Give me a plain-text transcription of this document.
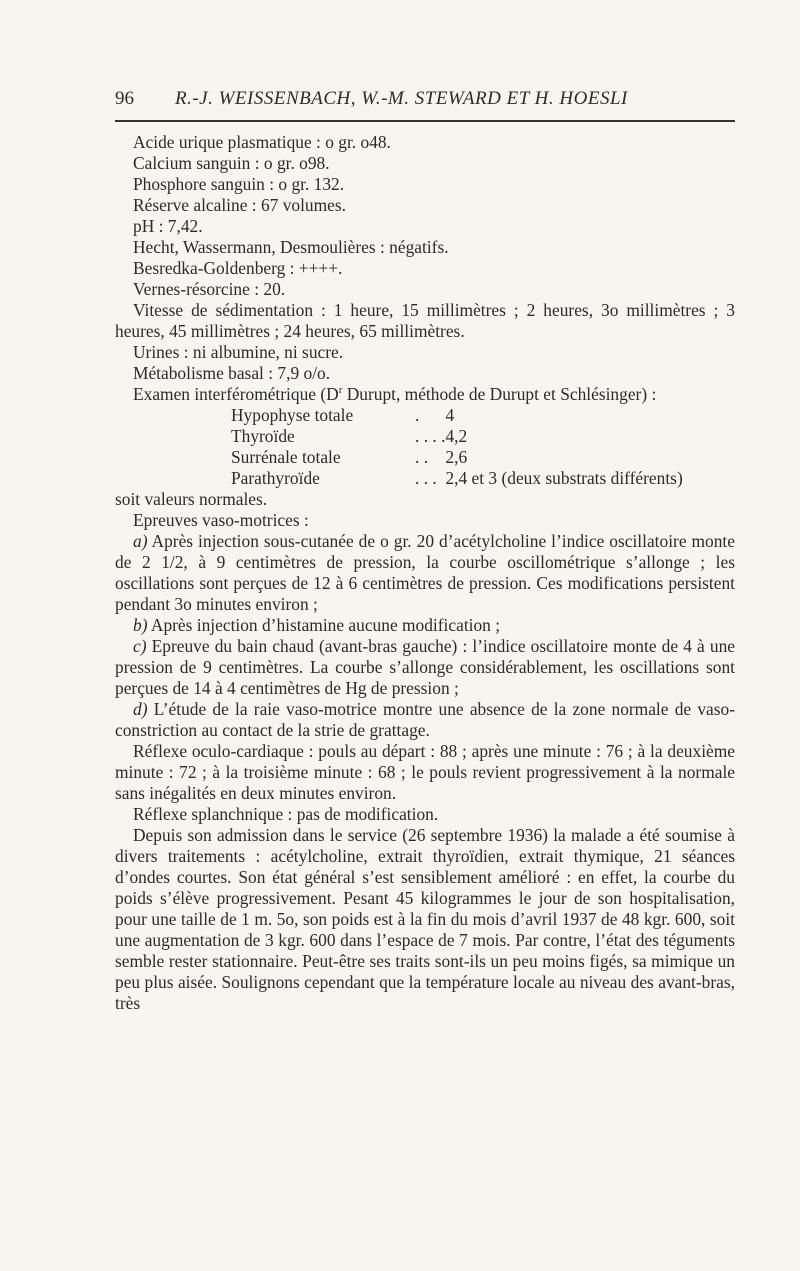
96 R.-J. WEISSENBACH, W.-M. STEWARD ET H. HOESLI

Acide urique plasmatique : o gr. o48.

Calcium sanguin : o gr. o98.

Phosphore sanguin : o gr. 132.

Réserve alcaline : 67 volumes.

pH : 7,42.

Hecht, Wassermann, Desmoulières : négatifs.

Besredka-Goldenberg : ++++.

Vernes-résorcine : 20.

Vitesse de sédimentation : 1 heure, 15 millimètres ; 2 heures, 3o millimètres ; 3 heures, 45 millimètres ; 24 heures, 65 millimètres.

Urines : ni albumine, ni sucre.

Métabolisme basal : 7,9 o/o.

Examen interférométrique ($D^r$ Durupt, méthode de Durupt et Schlésinger) :

Hypophyse totale	.	4
Thyroïde	. . . .	4,2
Surrénale totale	. .	2,6
Parathyroïde	. . .	2,4 et 3 (deux substrats différents)

soit valeurs normales.

Epreuves vaso-motrices :

a) Après injection sous-cutanée de o gr. 20 d’acétylcholine l’indice oscillatoire monte de 2 1/2, à 9 centimètres de pression, la courbe oscillométrique s’allonge ; les oscillations sont perçues de 12 à 6 centimètres de pression. Ces modifications persistent pendant 3o minutes environ ;

b) Après injection d’histamine aucune modification ;

c) Epreuve du bain chaud (avant-bras gauche) : l’indice oscillatoire monte de 4 à une pression de 9 centimètres. La courbe s’allonge considérablement, les oscillations sont perçues de 14 à 4 centimètres de Hg de pression ;

d) L’étude de la raie vaso-motrice montre une absence de la zone normale de vaso-constriction au contact de la strie de grattage.

Réflexe oculo-cardiaque : pouls au départ : 88 ; après une minute : 76 ; à la deuxième minute : 72 ; à la troisième minute : 68 ; le pouls revient progressivement à la normale sans inégalités en deux minutes environ.

Réflexe splanchnique : pas de modification.

Depuis son admission dans le service (26 septembre 1936) la malade a été soumise à divers traitements : acétylcholine, extrait thyroïdien, extrait thymique, 21 séances d’ondes courtes. Son état général s’est sensiblement amélioré : en effet, la courbe du poids s’élève progressivement. Pesant 45 kilogrammes le jour de son hospitalisation, pour une taille de 1 m. 5o, son poids est à la fin du mois d’avril 1937 de 48 kgr. 600, soit une augmentation de 3 kgr. 600 dans l’espace de 7 mois. Par contre, l’état des téguments semble rester stationnaire. Peut-être ses traits sont-ils un peu moins figés, sa mimique un peu plus aisée. Soulignons cependant que la température locale au niveau des avant-bras, très
